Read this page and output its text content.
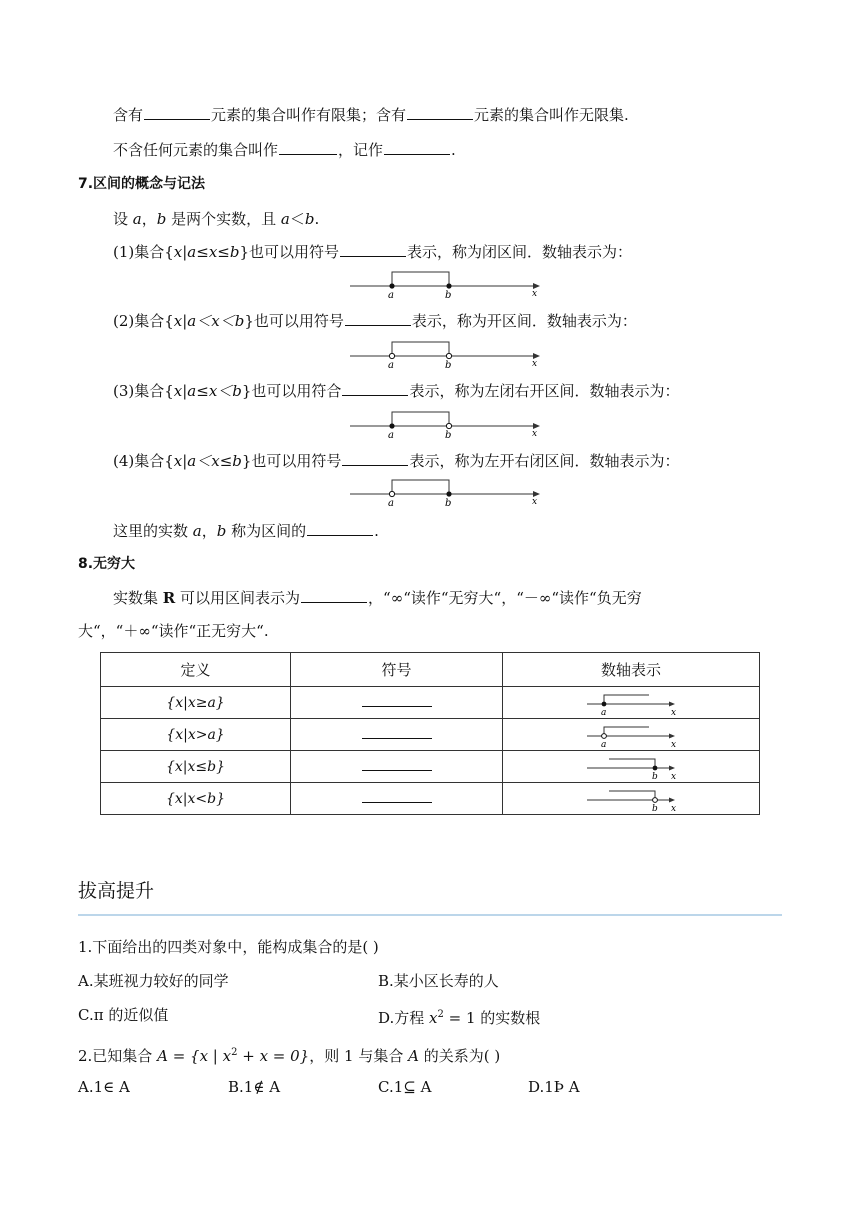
含有	元素的集合叫作有限集；含有	元素的集合叫作无限集.
不含任何元素的集合叫作	，记作	.
7.区间的概念与记法
设 a，b 是两个实数，且 a＜b.
(1)集合{x|a≤x≤b}也可以用符号	表示，称为闭区间．数轴表示为：
a	b	x
(2)集合{x|a＜x＜b}也可以用符号	表示，称为开区间．数轴表示为：
a	b	x
(3)集合{x|a≤x＜b}也可以用符合	表示，称为左闭右开区间．数轴表示为：
a	b	x
(4)集合{x|a＜x≤b}也可以用符号	表示，称为左开右闭区间．数轴表示为：
a	b	x
这里的实数 a，b 称为区间的	.
8.无穷大
实数集 R 可以用区间表示为	，“∞“读作“无穷大“，“－∞“读作“负无穷
大“，“＋∞“读作“正无穷大“.
定义	符号	数轴表示
{x|x≥a}		a x

{x|x>a}		a x

{x|x≤b}		b x

{x|x<b}		b x
拔高提升
1.下面给出的四类对象中，能构成集合的是( )
A.某班视力较好的同学	B.某小区长寿的人
C.π 的近似值	D.方程 $x^2 = 1$ 的实数根
2.已知集合 A = {x | $x^2 + x = 0$}，则 1 与集合 A 的关系为( )
A.1∈ A	B.1∉ A	C.1⊆ A	D.1Þ A
